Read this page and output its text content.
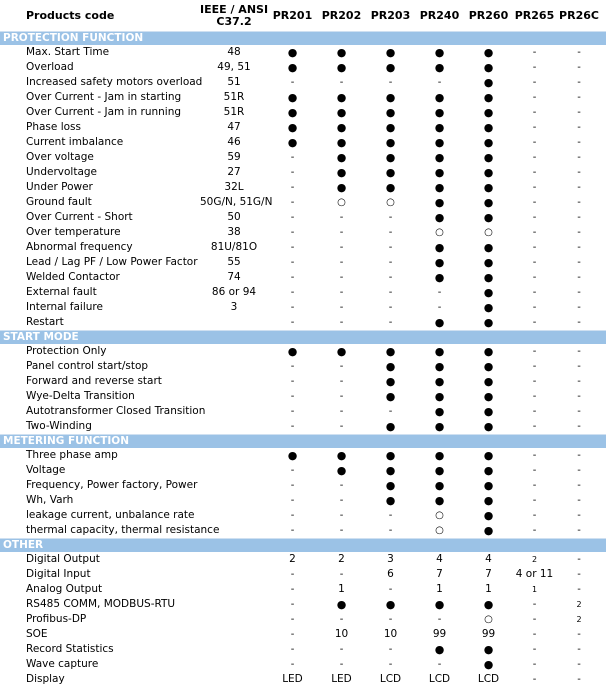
Products code	IEEE / ANSI
C37.2	PR201 PR202 PR203 PR240 PR260 PR265 PR26C
PROTECTION FUNCTION
Max. Start Time	48	●	●	●	●	●	-	-
Overload	49, 51	●	●	●	●	●	-	-
Increased safety motors overload	51	-	-	-	-	●	-	-
Over Current - Jam in starting	51R	●	●	●	●	●	-	-
Over Current - Jam in running	51R	●	●	●	●	●	-	-
Phase loss	47	●	●	●	●	●	-	-
Current imbalance	46	●	●	●	●	●	-	-
Over voltage	59	-	●	●	●	●	-	-
Undervoltage	27	-	●	●	●	●	-	-
Under Power	32L	-	●	●	●	●	-	-
Ground fault	50G/N, 51G/N	-	○	○	●	●	-	-
Over Current - Short	50	-	-	-	●	●	-	-
Over temperature	38	-	-	-	○	○	-	-
Abnormal frequency	81U/81O	-	-	-	●	●	-	-
Lead / Lag PF / Low Power Factor	55	-	-	-	●	●	-	-
Welded Contactor	74	-	-	-	●	●	-	-
External fault	86 or 94	-	-	-	-	●	-	-
Internal failure	3	-	-	-	-	●	-	-
Restart	-	-	-	●	●	-	-
START MODE
Protection Only	●	●	●	●	●	-	-
Panel control start/stop	-	-	●	●	●	-	-
Forward and reverse start	-	-	●	●	●	-	-
Wye-Delta Transition	-	-	●	●	●	-	-
Autotransformer Closed Transition	-	-	-	●	●	-	-
Two-Winding	-	-	●	●	●	-	-
METERING FUNCTION
Three phase amp	●	●	●	●	●	-	-
Voltage	-	●	●	●	●	-	-
Frequency, Power factory, Power	-	-	●	●	●	-	-
Wh, Varh	-	-	●	●	●	-	-
leakage current, unbalance rate	-	-	-	○	●	-	-
thermal capacity, thermal resistance	-	-	-	○	●	-	-
OTHER
Digital Output	2	2	3	4	4	2	-
Digital Input	-	-	6	7	7	4 or 11	-
Analog Output	-	1	-	1	1	1	-
RS485 COMM, MODBUS-RTU	-	●	●	●	●	-	2
Profibus-DP	-	-	-	-	○	-	2
SOE	-	10	10	99	99	-	-
Record Statistics	-	-	-	●	●	-	-
Wave capture	-	-	-	-	●	-	-
Display	LED	LED	LCD	LCD	LCD	-	-
